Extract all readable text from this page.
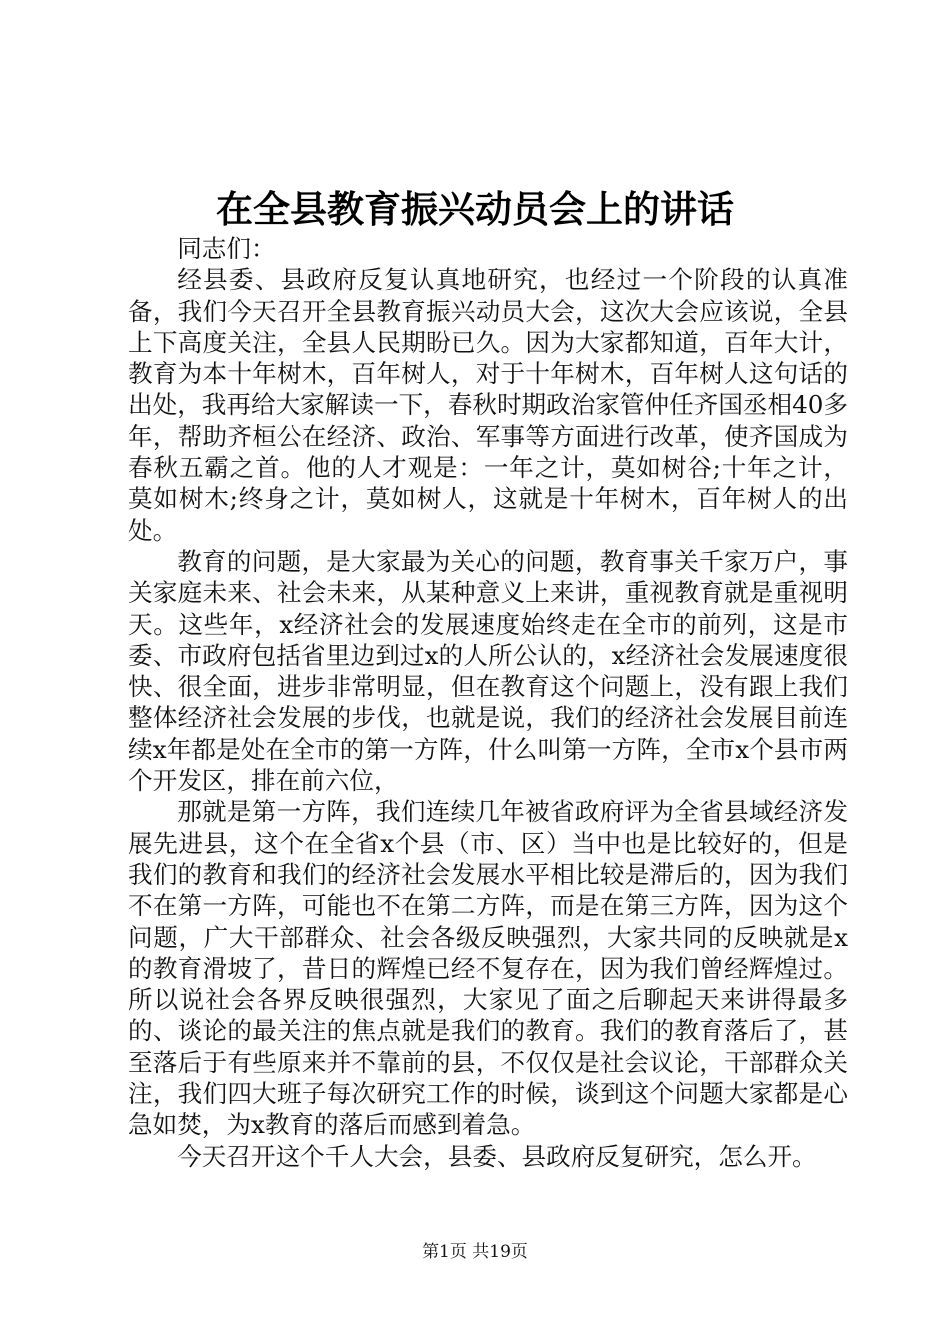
在全县教育振兴动员会上的讲话

同志们：

经县委、县政府反复认真地研究，也经过一个阶段的认真准备，我们今天召开全县教育振兴动员大会，这次大会应该说，全县上下高度关注，全县人民期盼已久。因为大家都知道，百年大计，教育为本十年树木，百年树人，对于十年树木，百年树人这句话的出处，我再给大家解读一下，春秋时期政治家管仲任齐国丞相40多年，帮助齐桓公在经济、政治、军事等方面进行改革，使齐国成为春秋五霸之首。他的人才观是：一年之计，莫如树谷;十年之计，莫如树木;终身之计，莫如树人，这就是十年树木，百年树人的出处。

教育的问题，是大家最为关心的问题，教育事关千家万户，事关家庭未来、社会未来，从某种意义上来讲，重视教育就是重视明天。这些年，x经济社会的发展速度始终走在全市的前列，这是市委、市政府包括省里边到过x的人所公认的，x经济社会发展速度很快、很全面，进步非常明显，但在教育这个问题上，没有跟上我们整体经济社会发展的步伐，也就是说，我们的经济社会发展目前连续x年都是处在全市的第一方阵，什么叫第一方阵，全市x个县市两个开发区，排在前六位，

那就是第一方阵，我们连续几年被省政府评为全省县域经济发展先进县，这个在全省x个县（市、区）当中也是比较好的，但是我们的教育和我们的经济社会发展水平相比较是滞后的，因为我们不在第一方阵，可能也不在第二方阵，而是在第三方阵，因为这个问题，广大干部群众、社会各级反映强烈，大家共同的反映就是x的教育滑坡了，昔日的辉煌已经不复存在，因为我们曾经辉煌过。所以说社会各界反映很强烈，大家见了面之后聊起天来讲得最多的、谈论的最关注的焦点就是我们的教育。我们的教育落后了，甚至落后于有些原来并不靠前的县，不仅仅是社会议论，干部群众关注，我们四大班子每次研究工作的时候，谈到这个问题大家都是心急如焚，为x教育的落后而感到着急。

今天召开这个千人大会，县委、县政府反复研究，怎么开。

第1页 共19页
